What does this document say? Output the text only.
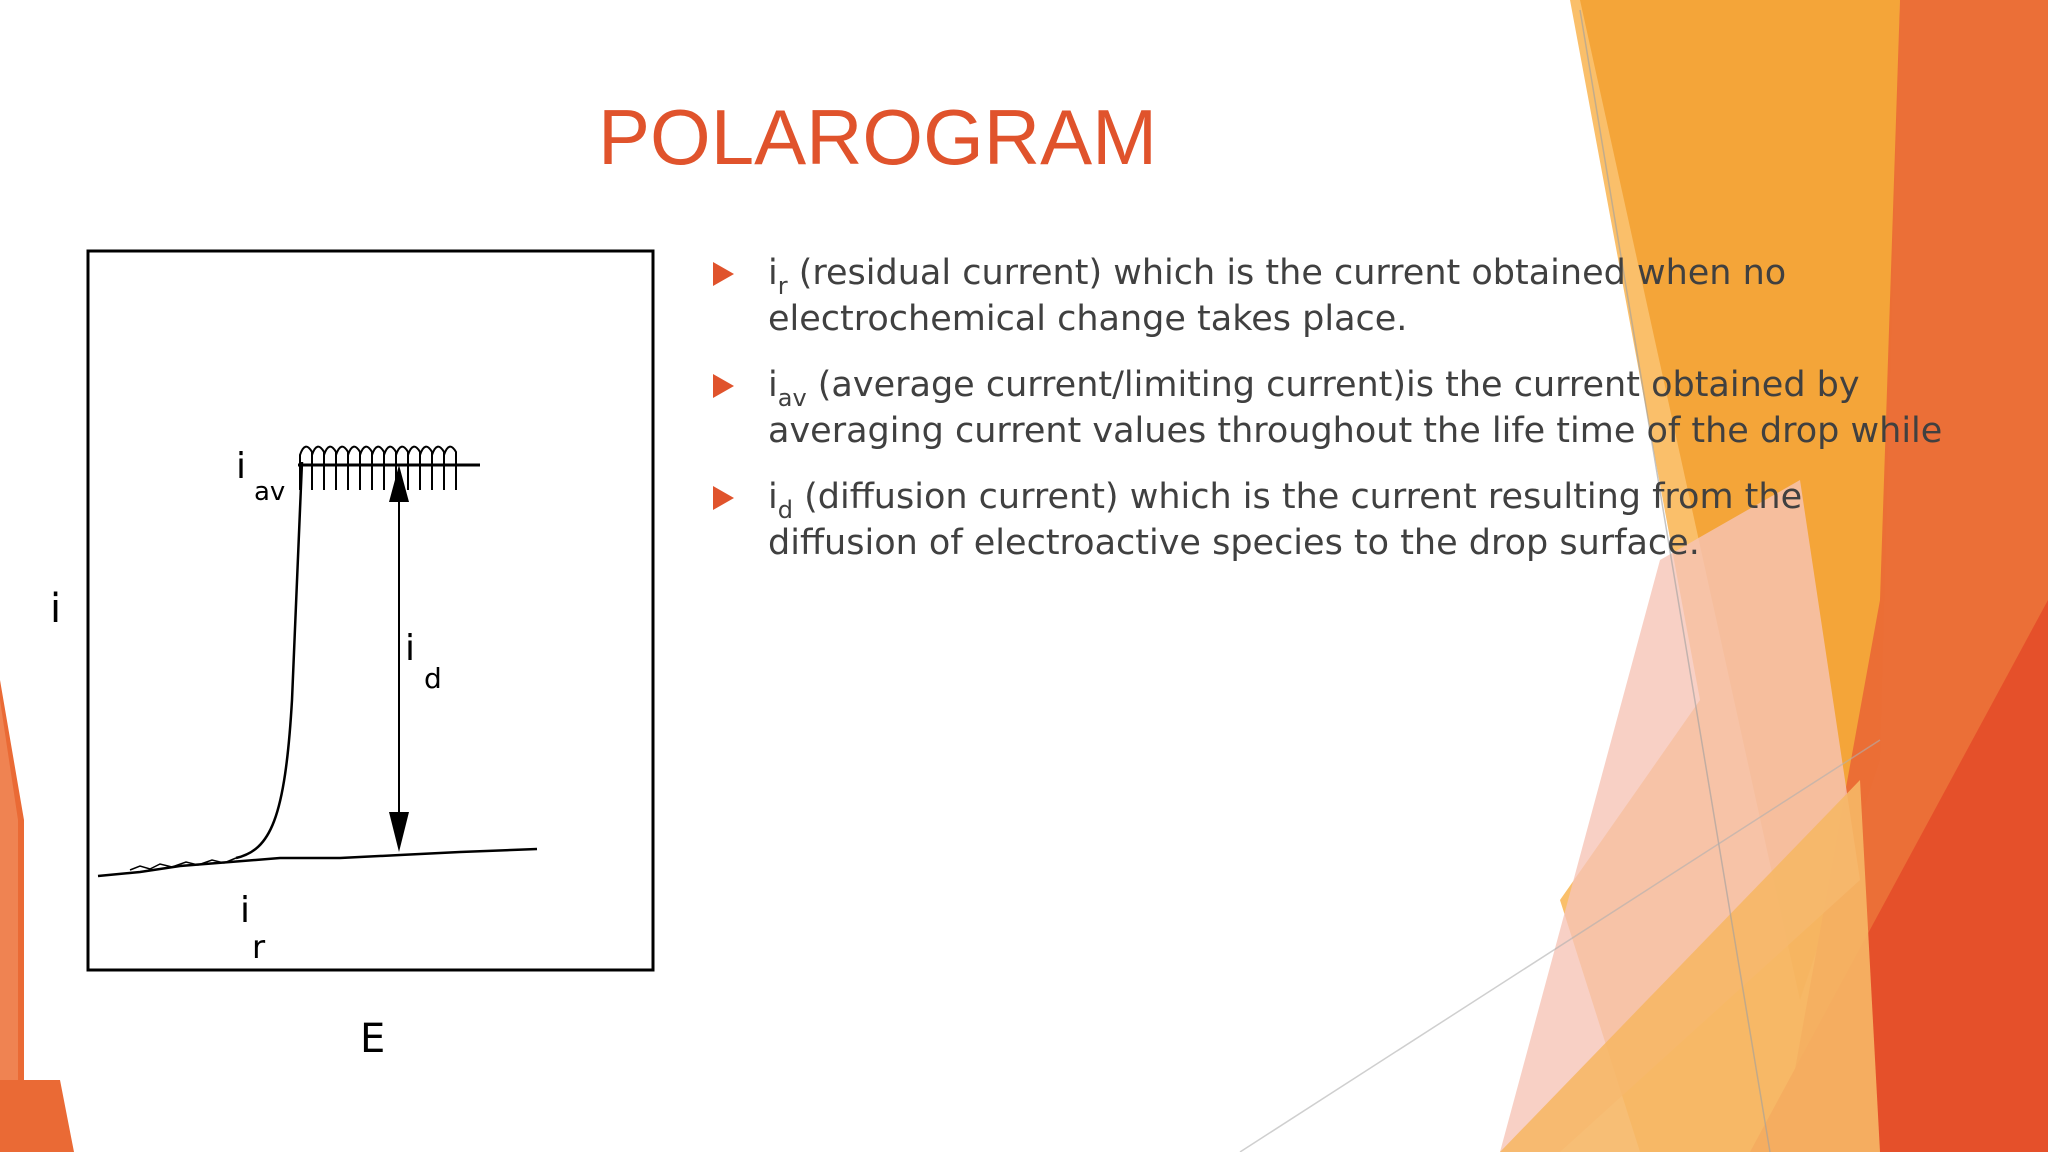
POLAROGRAM
i
E
i
av
i
d
i
r
$i_r$ (residual current) which is the current obtained when no electrochemical change takes place.
$i_{av}$ (average current/limiting current)is the current obtained by averaging current values throughout the life time of the drop while
$i_d$ (diffusion current) which is the current resulting from the diffusion of electroactive species to the drop surface.
